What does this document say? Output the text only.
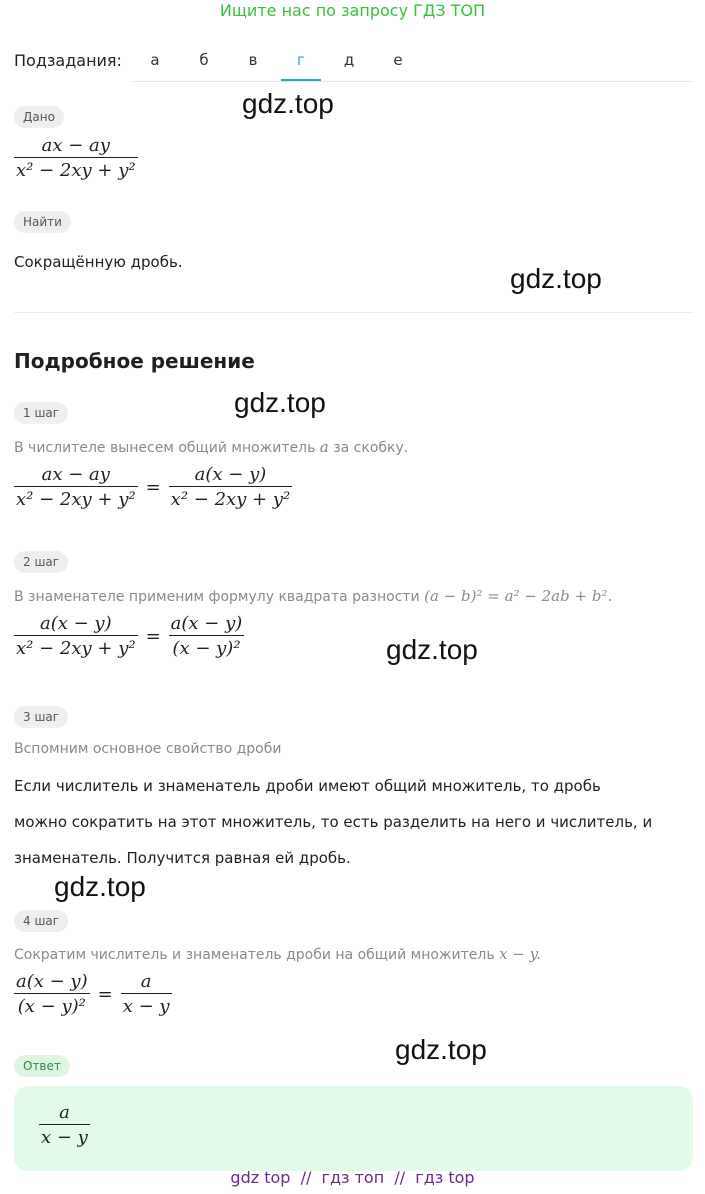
Ищите нас по запросу ГДЗ ТОП
Подзадания:	а	б	в	г	д	е
gdz.top
Дано
$\frac{ax - ay}{\text{x² − 2xy + y²}}$
Найти
Сокращённую дробь.
gdz.top
Подробное решение
1 шаг	gdz.top
В числителе вынесем общий множитель a за скобку.
$\frac{ax - ay}{\text{x² − 2xy + y²}} = \frac{a(x - y)}{\text{x² − 2xy + y²}}$
2 шаг
В знаменателе применим формулу квадрата разности (a − b)² = a² − 2ab + b².
$\frac{a(x - y)}{\text{x² − 2xy + y²}} = \frac{a(x - y)}{\text{(x − y)²}}$	gdz.top
3 шаг
Вспомним основное свойство дроби
Если числитель и знаменатель дроби имеют общий множитель, то дробь
можно сократить на этот множитель, то есть разделить на него и числитель, и
знаменатель. Получится равная ей дробь.
gdz.top
4 шаг
Сократим числитель и знаменатель дроби на общий множитель x − y.
$\frac{a(x - y)}{\text{(x − y)²}} = \frac{a}{x - y}$
gdz.top
Ответ
$\frac{a}{x - y}$
gdz top  //  гдз топ  //  гдз top
